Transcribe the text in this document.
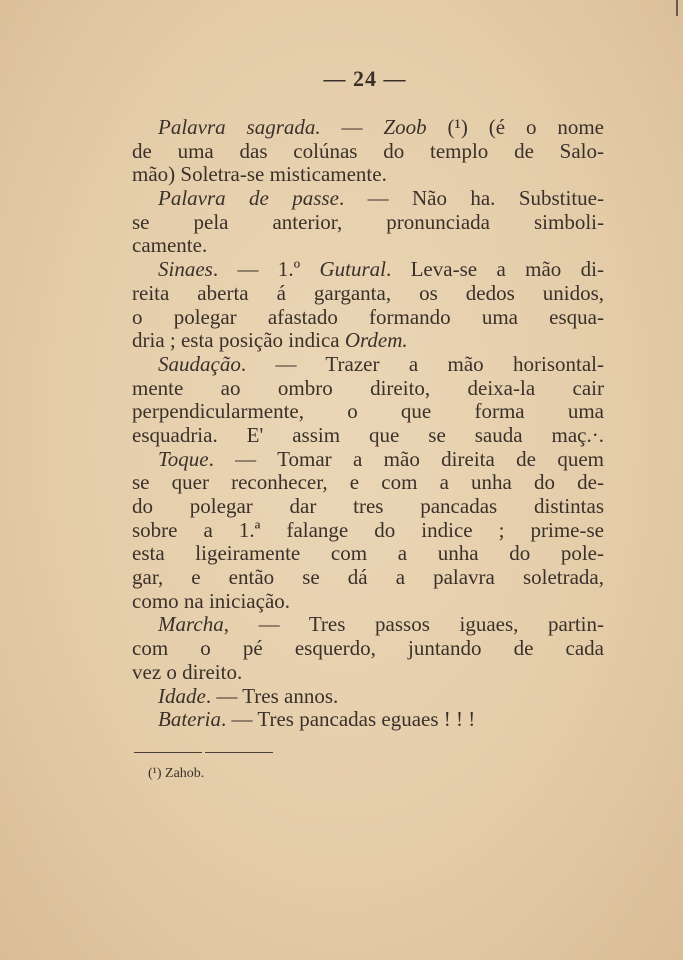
— 24 —
Palavra sagrada. — Zoob (¹) (é o nome
de uma das colúnas do templo de Salo-
mão) Soletra-se misticamente.
Palavra de passe. — Não ha. Substitue-
se pela anterior, pronunciada simboli-
camente.
Sinaes. — 1.º Gutural. Leva-se a mão di-
reita aberta á garganta, os dedos unidos,
o polegar afastado formando uma esqua-
dria ; esta posição indica Ordem.
Saudação. — Trazer a mão horisontal-
mente ao ombro direito, deixa-la cair
perpendicularmente, o que forma uma
esquadria. E' assim que se sauda maç.·.
Toque. — Tomar a mão direita de quem
se quer reconhecer, e com a unha do de-
do polegar dar tres pancadas distintas
sobre a 1.ª falange do indice ; prime-se
esta ligeiramente com a unha do pole-
gar, e então se dá a palavra soletrada,
como na iniciação.
Marcha, — Tres passos iguaes, partin-
com o pé esquerdo, juntando de cada
vez o direito.
Idade. — Tres annos.
Bateria. — Tres pancadas eguaes ! ! !
(¹) Zahob.
